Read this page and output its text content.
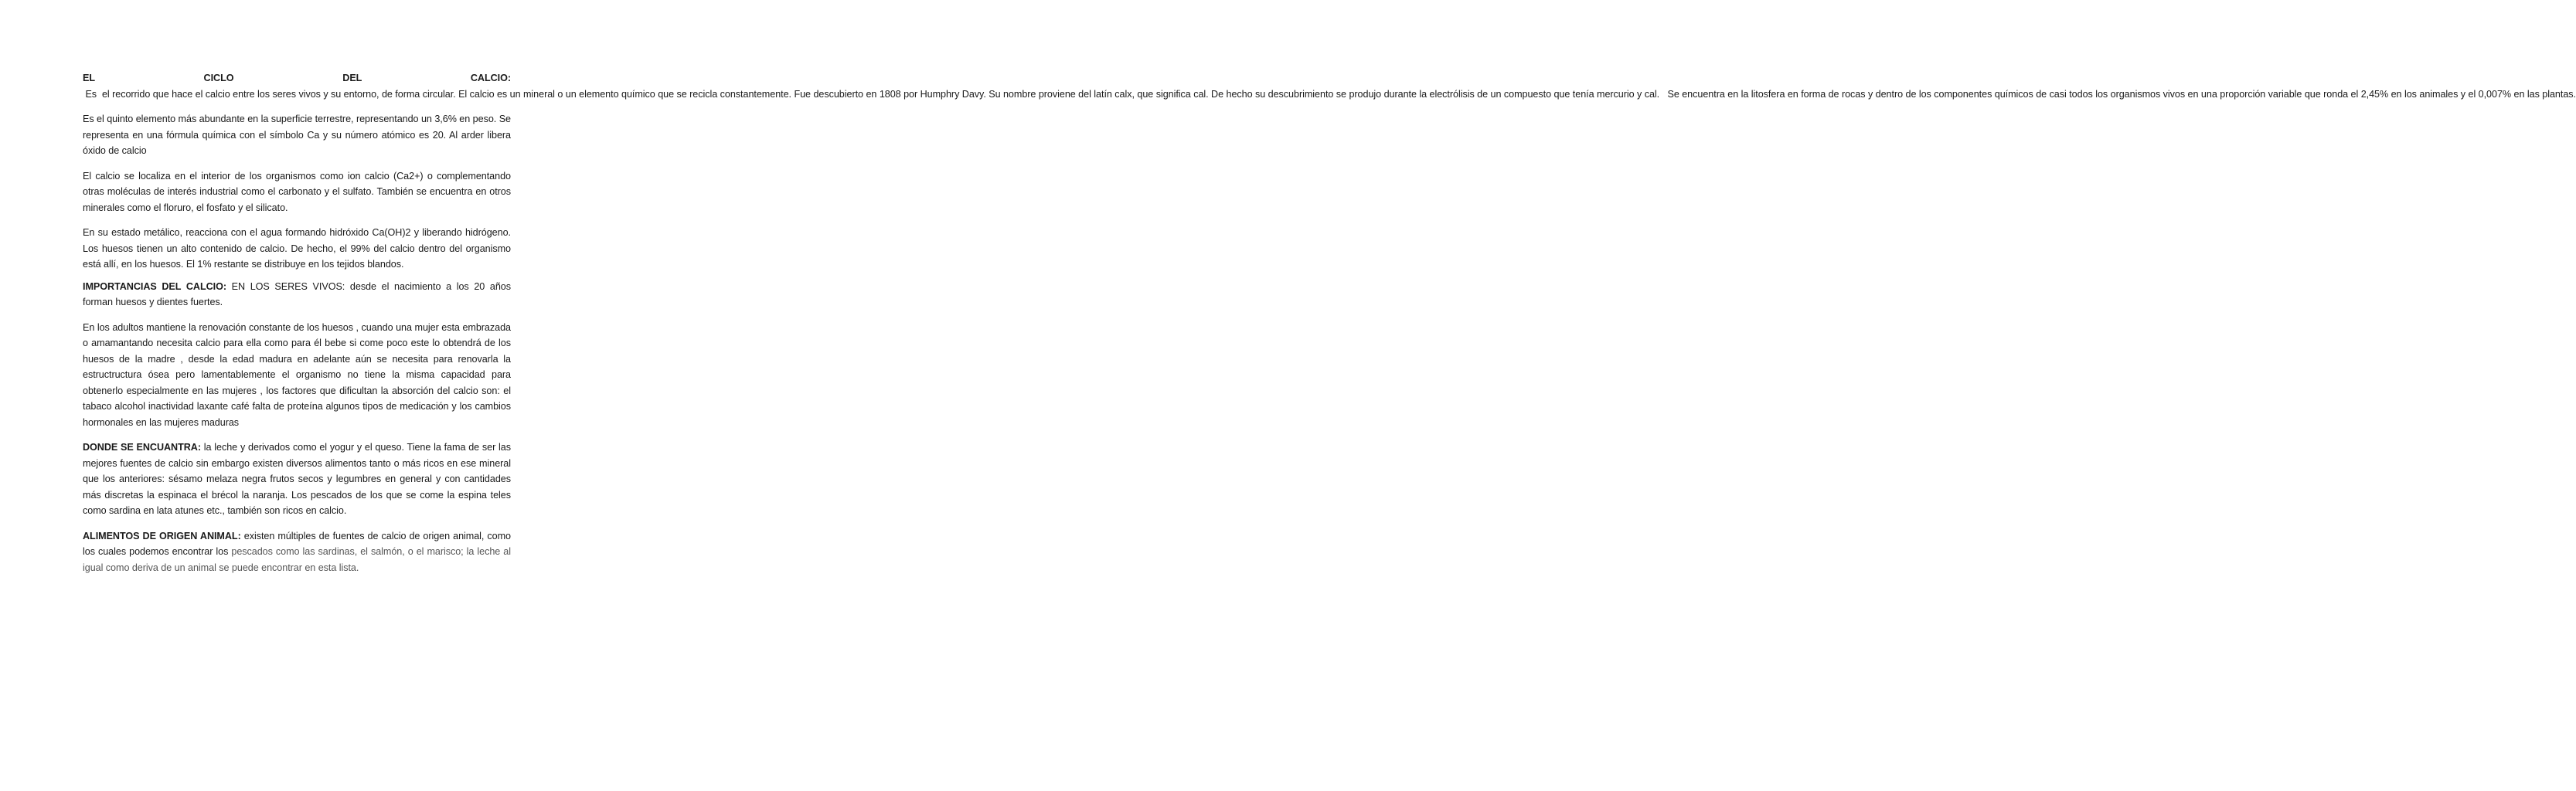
EL CICLO DEL CALCIO: Es  el recorrido que hace el calcio entre los seres vivos y su entorno, de forma circular. El calcio es un mineral o un elemento químico que se recicla constantemente. Fue descubierto en 1808 por Humphry Davy. Su nombre proviene del latín calx, que significa cal. De hecho su descubrimiento se produjo durante la electrólisis de un compuesto que tenía mercurio y cal.   Se encuentra en la litosfera en forma de rocas y dentro de los componentes químicos de casi todos los organismos vivos en una proporción variable que ronda el 2,45% en los animales y el 0,007% en las plantas.

Es el quinto elemento más abundante en la superficie terrestre, representando un 3,6% en peso. Se representa en una fórmula química con el símbolo Ca y su número atómico es 20. Al arder libera óxido de calcio

El calcio se localiza en el interior de los organismos como ion calcio (Ca2+) o complementando otras moléculas de interés industrial como el carbonato y el sulfato. También se encuentra en otros minerales como el floruro, el fosfato y el silicato.

En su estado metálico, reacciona con el agua formando hidróxido Ca(OH)2 y liberando hidrógeno. Los huesos tienen un alto contenido de calcio. De hecho, el 99% del calcio dentro del organismo está allí, en los huesos. El 1% restante se distribuye en los tejidos blandos.

IMPORTANCIAS DEL CALCIO: EN LOS SERES VIVOS: desde el nacimiento a los 20 años forman huesos y dientes fuertes.

En los adultos mantiene la renovación constante de los huesos , cuando una mujer esta embrazada o amamantando necesita calcio para ella como para él bebe si come poco este lo obtendrá de los huesos de la madre , desde la edad madura en adelante aún se necesita para renovarla la estructructura ósea pero lamentablemente el organismo no tiene la misma capacidad para obtenerlo especialmente en las mujeres , los factores que dificultan la absorción del calcio son: el tabaco alcohol inactividad laxante café falta de proteína algunos tipos de medicación y los cambios hormonales en las mujeres maduras

DONDE SE ENCUANTRA: la leche y derivados como el yogur y el queso. Tiene la fama de ser las mejores fuentes de calcio sin embargo existen diversos alimentos tanto o más ricos en ese mineral que los anteriores: sésamo melaza negra frutos secos y legumbres en general y con cantidades más discretas la espinaca el brécol la naranja. Los pescados de los que se come la espina teles como sardina en lata atunes etc., también son ricos en calcio.

ALIMENTOS DE ORIGEN ANIMAL: existen múltiples de fuentes de calcio de origen animal, como los cuales podemos encontrar los pescados como las sardinas, el salmón, o el marisco; la leche al igual como deriva de un animal se puede encontrar en esta lista.
